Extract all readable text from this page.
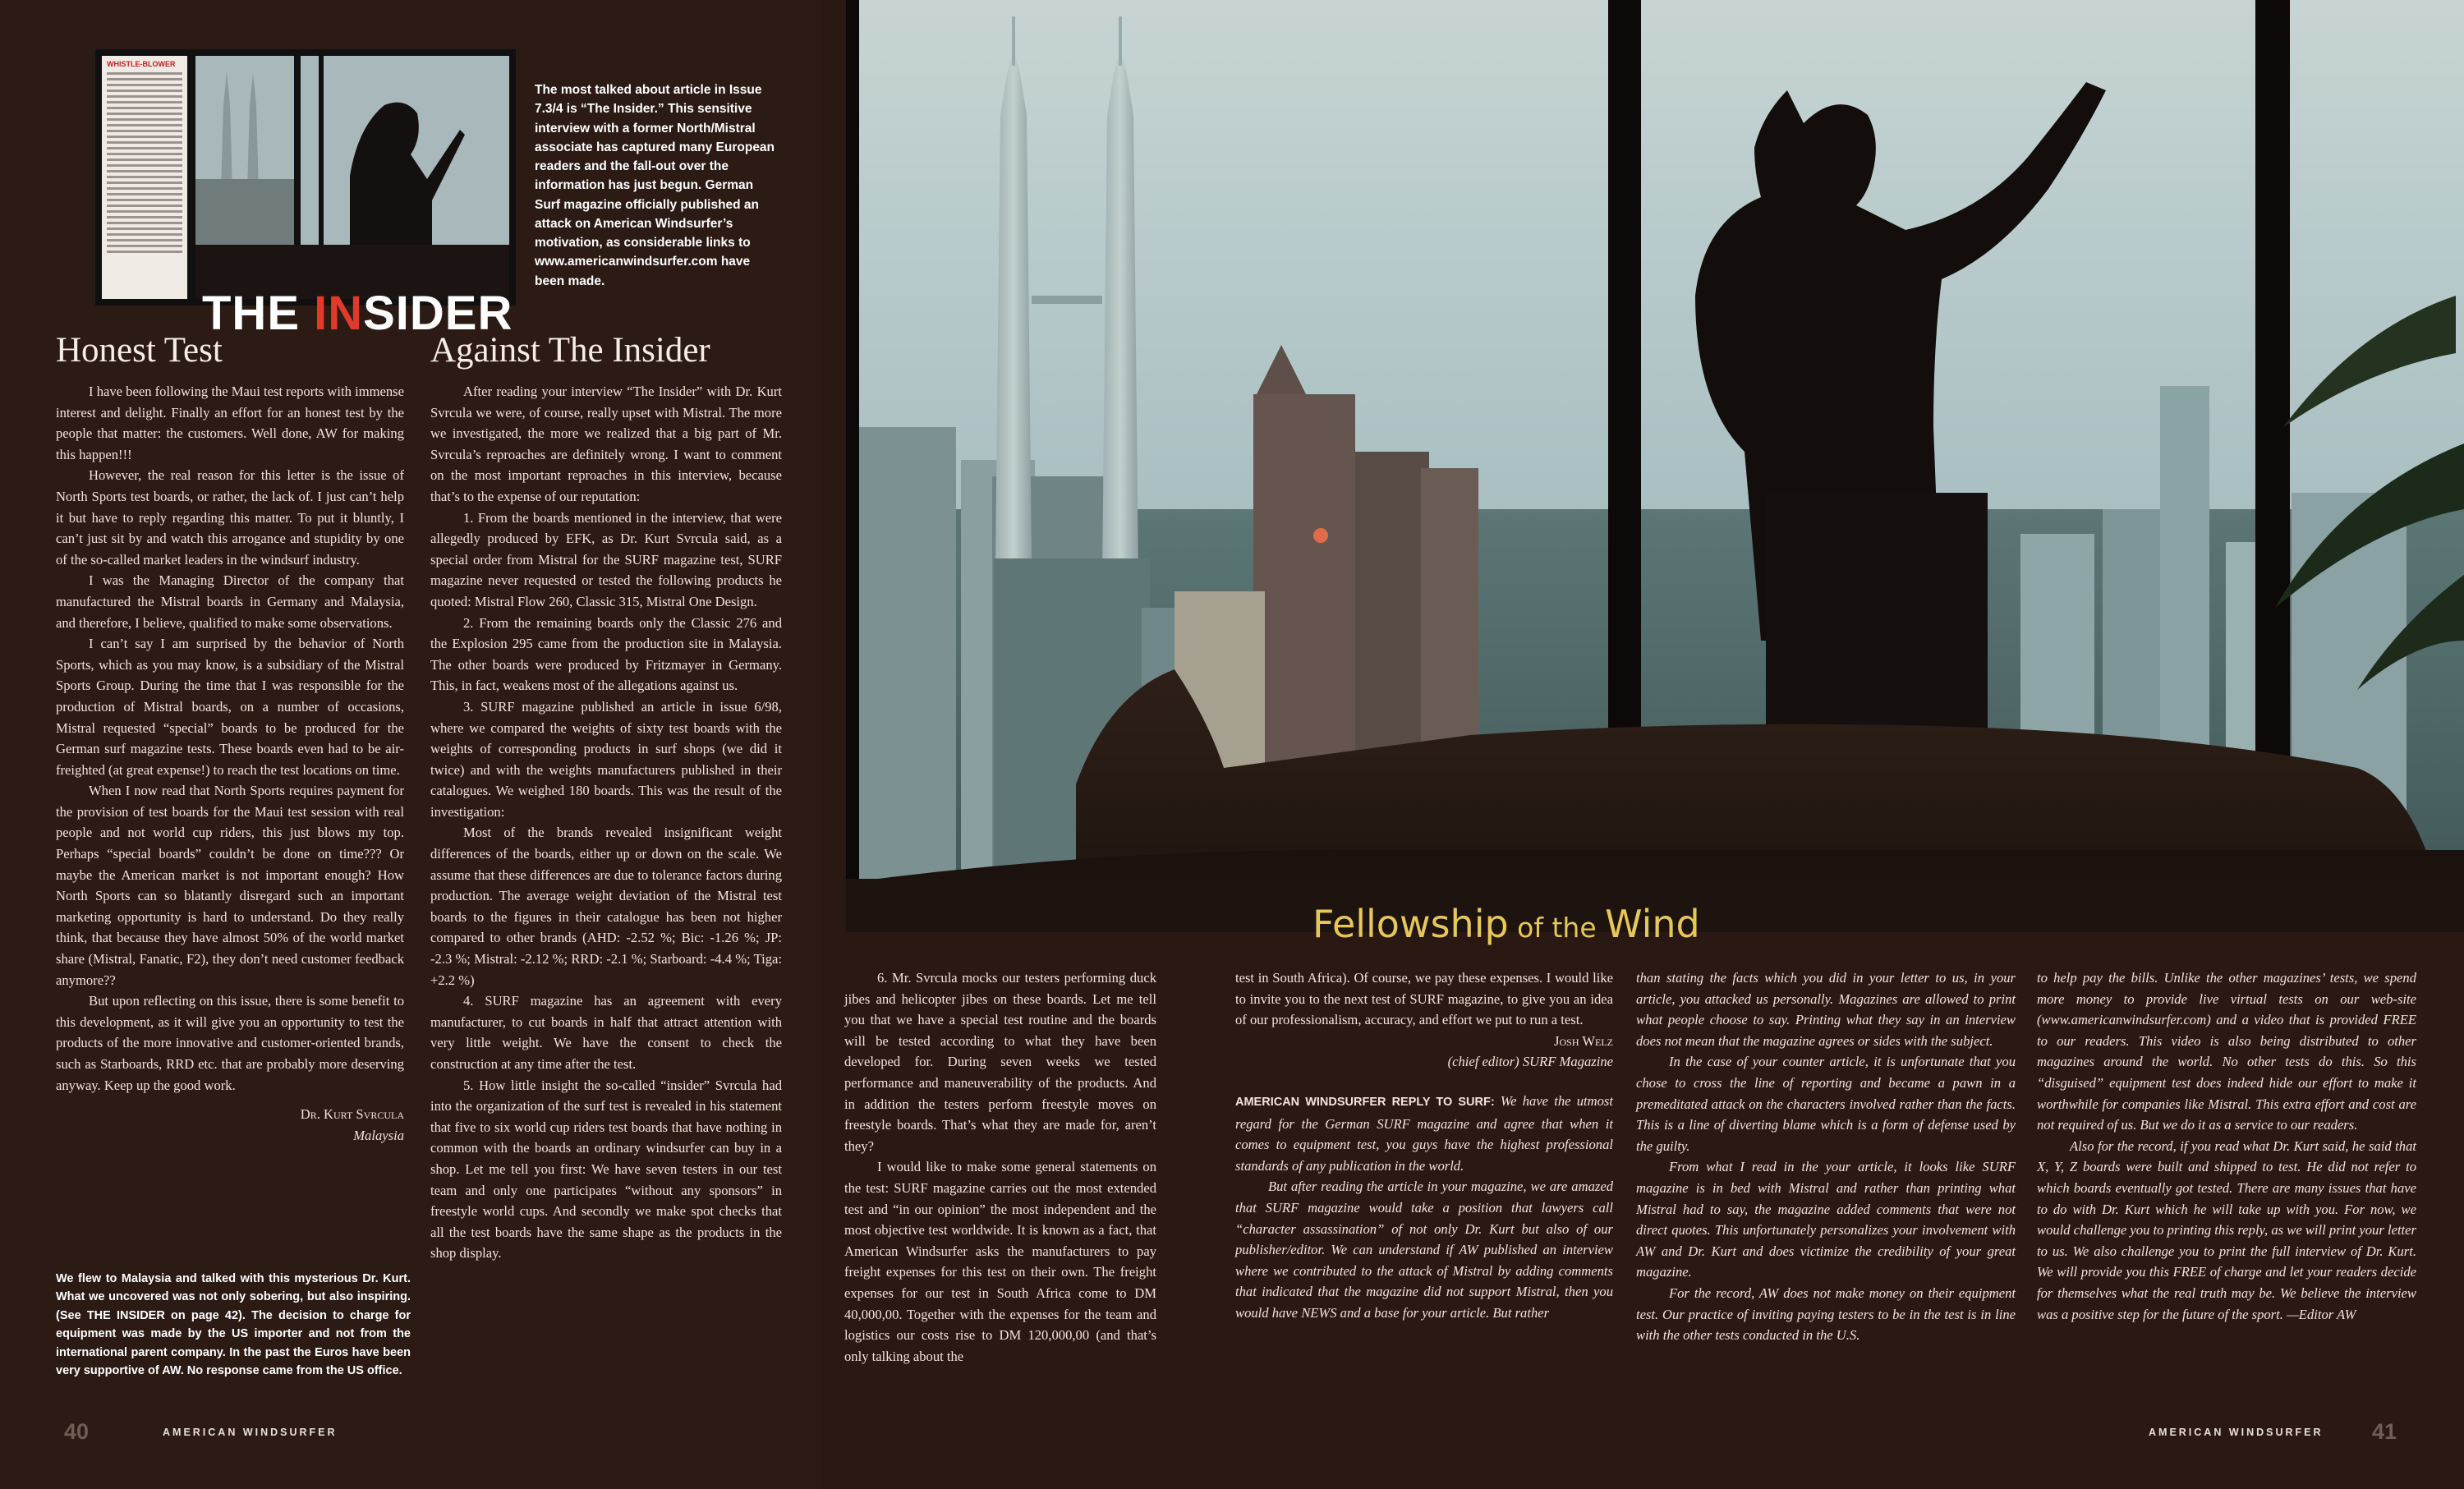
WHISTLE-BLOWER
THE INSIDER
The most talked about article in Issue 7.3/4 is “The Insider.” This sensitive interview with a former North/Mistral associate has captured many European readers and the fall-out over the information has just begun. German Surf magazine officially published an attack on American Windsurfer’s motivation, as considerable links to www.americanwindsurfer.com have been made.
Honest Test

I have been following the Maui test reports with immense interest and delight. Finally an effort for an honest test by the people that matter: the customers. Well done, AW for making this happen!!!

However, the real reason for this letter is the issue of North Sports test boards, or rather, the lack of. I just can’t help it but have to reply regarding this matter. To put it bluntly, I can’t just sit by and watch this arrogance and stupidity by one of the so-called market leaders in the windsurf industry.

I was the Managing Director of the company that manufactured the Mistral boards in Germany and Malaysia, and therefore, I believe, qualified to make some observations.

I can’t say I am surprised by the behavior of North Sports, which as you may know, is a subsidiary of the Mistral Sports Group. During the time that I was responsible for the production of Mistral boards, on a number of occasions, Mistral requested “special” boards to be produced for the German surf magazine tests. These boards even had to be air-freighted (at great expense!) to reach the test locations on time.

When I now read that North Sports requires payment for the provision of test boards for the Maui test session with real people and not world cup riders, this just blows my top. Perhaps “special boards” couldn’t be done on time??? Or maybe the American market is not important enough? How North Sports can so blatantly disregard such an important marketing opportunity is hard to understand. Do they really think, that because they have almost 50% of the world market share (Mistral, Fanatic, F2), they don’t need customer feedback anymore??

But upon reflecting on this issue, there is some benefit to this development, as it will give you an opportunity to test the products of the more innovative and customer-oriented brands, such as Starboards, RRD etc. that are probably more deserving anyway. Keep up the good work.

Dr. Kurt Svrcula

Malaysia

We flew to Malaysia and talked with this mysterious Dr. Kurt. What we uncovered was not only sobering, but also inspiring. (See THE INSIDER on page 42). The decision to charge for equipment was made by the US importer and not from the international parent company. In the past the Euros have been very supportive of AW. No response came from the US office.
Against The Insider

After reading your interview “The Insider” with Dr. Kurt Svrcula we were, of course, really upset with Mistral. The more we investigated, the more we realized that a big part of Mr. Svrcula’s reproaches are definitely wrong. I want to comment on the most important reproaches in this interview, because that’s to the expense of our reputation:

1. From the boards mentioned in the interview, that were allegedly produced by EFK, as Dr. Kurt Svrcula said, as a special order from Mistral for the SURF magazine test, SURF magazine never requested or tested the following products he quoted: Mistral Flow 260, Classic 315, Mistral One Design.

2. From the remaining boards only the Classic 276 and the Explosion 295 came from the production site in Malaysia. The other boards were produced by Fritzmayer in Germany. This, in fact, weakens most of the allegations against us.

3. SURF magazine published an article in issue 6/98, where we compared the weights of sixty test boards with the weights of corresponding products in surf shops (we did it twice) and with the weights manufacturers published in their catalogues. We weighed 180 boards. This was the result of the investigation:

Most of the brands revealed insignificant weight differences of the boards, either up or down on the scale. We assume that these differences are due to tolerance factors during production. The average weight deviation of the Mistral test boards to the figures in their catalogue has been not higher compared to other brands (AHD: -2.52 %; Bic: -1.26 %; JP: -2.3 %; Mistral: -2.12 %; RRD: -2.1 %; Starboard: -4.4 %; Tiga: +2.2 %)

4. SURF magazine has an agreement with every manufacturer, to cut boards in half that attract attention with very little weight. We have the consent to check the construction at any time after the test.

5. How little insight the so-called “insider” Svrcula had into the organization of the surf test is revealed in his statement that five to six world cup riders test boards that have nothing in common with the boards an ordinary windsurfer can buy in a shop. Let me tell you first: We have seven testers in our test team and only one participates “without any sponsors” in freestyle world cups. And secondly we make spot checks that all the test boards have the same shape as the products in the shop display.

40	AMERICAN WINDSURFER
Fellowship of the Wind

6. Mr. Svrcula mocks our testers performing duck jibes and helicopter jibes on these boards. Let me tell you that we have a special test routine and the boards will be tested according to what they have been developed for. During seven weeks we tested performance and maneuverability of the products. And in addition the testers perform freestyle moves on freestyle boards. That’s what they are made for, aren’t they?

I would like to make some general statements on the test: SURF magazine carries out the most extended test and “in our opinion” the most independent and the most objective test worldwide. It is known as a fact, that American Windsurfer asks the manufacturers to pay freight expenses for this test on their own. The freight expenses for our test in South Africa come to DM 40,000,00. Together with the expenses for the team and logistics our costs rise to DM 120,000,00 (and that’s only talking about the

test in South Africa). Of course, we pay these expenses. I would like to invite you to the next test of SURF magazine, to give you an idea of our professionalism, accuracy, and effort we put to run a test.

Josh Welz

(chief editor) SURF Magazine

AMERICAN WINDSURFER REPLY TO SURF: We have the utmost regard for the German SURF magazine and agree that when it comes to equipment test, you guys have the highest professional standards of any publication in the world.

But after reading the article in your magazine, we are amazed that SURF magazine would take a position that lawyers call “character assassination” of not only Dr. Kurt but also of our publisher/editor. We can understand if AW published an interview where we contributed to the attack of Mistral by adding comments that indicated that the magazine did not support Mistral, then you would have NEWS and a base for your article. But rather

than stating the facts which you did in your letter to us, in your article, you attacked us personally. Magazines are allowed to print what people choose to say. Printing what they say in an interview does not mean that the magazine agrees or sides with the subject.

In the case of your counter article, it is unfortunate that you chose to cross the line of reporting and became a pawn in a premeditated attack on the characters involved rather than the facts. This is a line of diverting blame which is a form of defense used by the guilty.

From what I read in the your article, it looks like SURF magazine is in bed with Mistral and rather than printing what Mistral had to say, the magazine added comments that were not direct quotes. This unfortunately personalizes your involvement with AW and Dr. Kurt and does victimize the credibility of your great magazine.

For the record, AW does not make money on their equipment test. Our practice of inviting paying testers to be in the test is in line with the other tests conducted in the U.S.

to help pay the bills. Unlike the other magazines’ tests, we spend more money to provide live virtual tests on our web-site (www.americanwindsurfer.com) and a video that is provided FREE to our readers. This video is also being distributed to other magazines around the world. No other tests do this. So this “disguised” equipment test does indeed hide our effort to make it worthwhile for companies like Mistral. This extra effort and cost are not required of us. But we do it as a service to our readers.

Also for the record, if you read what Dr. Kurt said, he said that X, Y, Z boards were built and shipped to test. He did not refer to which boards eventually got tested. There are many issues that have to do with Dr. Kurt which he will take up with you. For now, we would challenge you to printing this reply, as we will print your letter to us. We also challenge you to print the full interview of Dr. Kurt. We will provide you this FREE of charge and let your readers decide for themselves what the real truth may be. We believe the interview was a positive step for the future of the sport. —Editor AW

AMERICAN WINDSURFER 41
